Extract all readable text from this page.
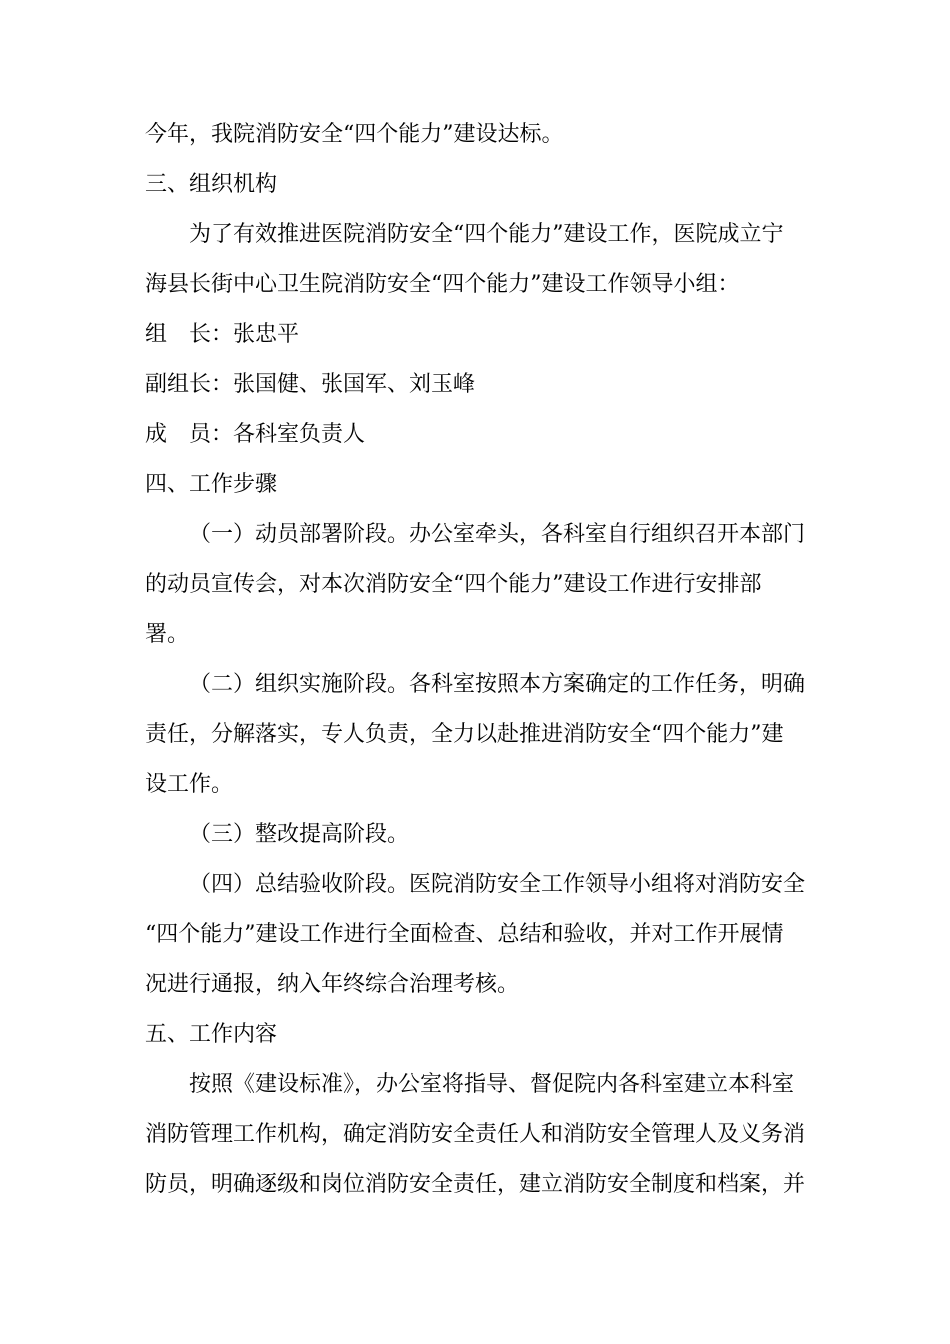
今年，我院消防安全“四个能力”建设达标。
三、组织机构
为了有效推进医院消防安全“四个能力”建设工作，医院成立宁
海县长街中心卫生院消防安全“四个能力”建设工作领导小组：
组　长：张忠平
副组长：张国健、张国军、刘玉峰
成　员：各科室负责人
四、工作步骤
（一）动员部署阶段。办公室牵头，各科室自行组织召开本部门
的动员宣传会，对本次消防安全“四个能力”建设工作进行安排部
署。
（二）组织实施阶段。各科室按照本方案确定的工作任务，明确
责任，分解落实，专人负责，全力以赴推进消防安全“四个能力”建
设工作。
（三）整改提高阶段。
（四）总结验收阶段。医院消防安全工作领导小组将对消防安全
“四个能力”建设工作进行全面检查、总结和验收，并对工作开展情
况进行通报，纳入年终综合治理考核。
五、工作内容
按照《建设标准》，办公室将指导、督促院内各科室建立本科室
消防管理工作机构，确定消防安全责任人和消防安全管理人及义务消
防员，明确逐级和岗位消防安全责任，建立消防安全制度和档案，并
